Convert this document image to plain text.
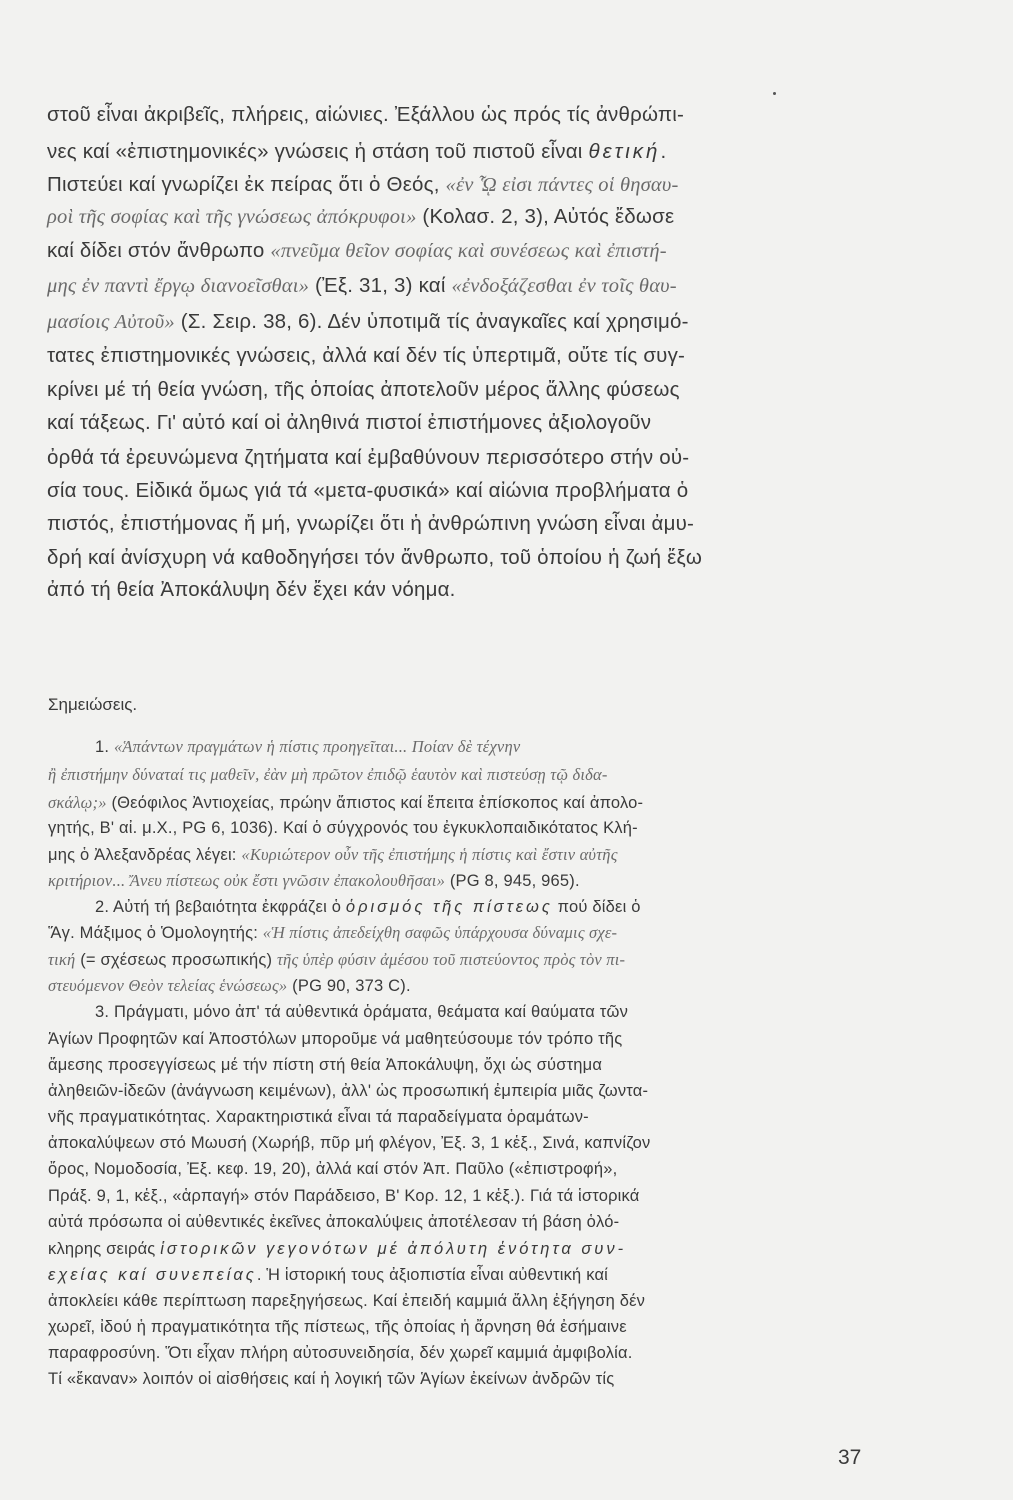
στοῦ εἶναι ἀκριβεῖς, πλήρεις, αἰώνιες. Ἐξάλλου ὡς πρός τίς ἀνθρώπι-
νες καί «ἐπιστημονικές» γνώσεις ἡ στάση τοῦ πιστοῦ εἶναι θετική.
Πιστεύει καί γνωρίζει ἐκ πείρας ὅτι ὁ Θεός, «ἐν ᾯ εἰσι πάντες οἱ θησαυ-
ροὶ τῆς σοφίας καὶ τῆς γνώσεως ἀπόκρυφοι» (Κολασ. 2, 3), Αὐτός ἔδωσε
καί δίδει στόν ἄνθρωπο «πνεῦμα θεῖον σοφίας καὶ συνέσεως καὶ ἐπιστή-
μης ἐν παντὶ ἔργῳ διανοεῖσθαι» (Ἐξ. 31, 3) καί «ἐνδοξάζεσθαι ἐν τοῖς θαυ-
μασίοις Αὐτοῦ» (Σ. Σειρ. 38, 6). Δέν ὑποτιμᾶ τίς ἀναγκαῖες καί χρησιμό-
τατες ἐπιστημονικές γνώσεις, ἀλλά καί δέν τίς ὑπερτιμᾶ, οὔτε τίς συγ-
κρίνει μέ τή θεία γνώση, τῆς ὁποίας ἀποτελοῦν μέρος ἄλλης φύσεως
καί τάξεως. Γι' αὐτό καί οἱ ἀληθινά πιστοί ἐπιστήμονες ἀξιολογοῦν
ὀρθά τά ἐρευνώμενα ζητήματα καί ἐμβαθύνουν περισσότερο στήν οὐ-
σία τους. Εἰδικά ὅμως γιά τά «μετα-φυσικά» καί αἰώνια προβλήματα ὁ
πιστός, ἐπιστήμονας ἤ μή, γνωρίζει ὅτι ἡ ἀνθρώπινη γνώση εἶναι ἀμυ-
δρή καί ἀνίσχυρη νά καθοδηγήσει τόν ἄνθρωπο, τοῦ ὁποίου ἡ ζωή ἔξω
ἀπό τή θεία Ἀποκάλυψη δέν ἔχει κάν νόημα.
Σημειώσεις.
1. «Ἁπάντων πραγμάτων ἡ πίστις προηγεῖται... Ποίαν δὲ τέχνην
ἢ ἐπιστήμην δύναταί τις μαθεῖν, ἐὰν μὴ πρῶτον ἐπιδῷ ἑαυτὸν καὶ πιστεύσῃ τῷ διδα-
σκάλῳ;» (Θεόφιλος Ἀντιοχείας, πρώην ἄπιστος καί ἔπειτα ἐπίσκοπος καί ἀπολο-
γητής, Β' αἰ. μ.Χ., PG 6, 1036). Καί ὁ σύγχρονός του ἐγκυκλοπαιδικότατος Κλή-
μης ὁ Ἀλεξανδρέας λέγει: «Κυριώτερον οὖν τῆς ἐπιστήμης ἡ πίστις καὶ ἔστιν αὐτῆς
κριτήριον... Ἄνευ πίστεως οὐκ ἔστι γνῶσιν ἐπακολουθῆσαι» (PG 8, 945, 965).
2. Αὐτή τή βεβαιότητα ἐκφράζει ὁ ὁρισμός τῆς πίστεως πού δίδει ὁ
Ἅγ. Μάξιμος ὁ Ὁμολογητής: «Ἡ πίστις ἀπεδείχθη σαφῶς ὑπάρχουσα δύναμις σχε-
τική (= σχέσεως προσωπικής) τῆς ὑπὲρ φύσιν ἀμέσου τοῦ πιστεύοντος πρὸς τὸν πι-
στευόμενον Θεὸν τελείας ἑνώσεως» (PG 90, 373 C).
3. Πράγματι, μόνο ἀπ' τά αὐθεντικά ὁράματα, θεάματα καί θαύματα τῶν
Ἁγίων Προφητῶν καί Ἀποστόλων μποροῦμε νά μαθητεύσουμε τόν τρόπο τῆς
ἄμεσης προσεγγίσεως μέ τήν πίστη στή θεία Ἀποκάλυψη, ὄχι ὡς σύστημα
ἀληθειῶν-ἰδεῶν (ἀνάγνωση κειμένων), ἀλλ' ὡς προσωπική ἐμπειρία μιᾶς ζωντα-
νῆς πραγματικότητας. Χαρακτηριστικά εἶναι τά παραδείγματα ὁραμάτων-
ἀποκαλύψεων στό Μωυσή (Χωρήβ, πῦρ μή φλέγον, Ἐξ. 3, 1 κἑξ., Σινά, καπνίζον
ὄρος, Νομοδοσία, Ἐξ. κεφ. 19, 20), ἀλλά καί στόν Ἀπ. Παῦλο («ἐπιστροφή»,
Πράξ. 9, 1, κἑξ., «ἁρπαγή» στόν Παράδεισο, Β' Κορ. 12, 1 κἑξ.). Γιά τά ἱστορικά
αὐτά πρόσωπα οἱ αὐθεντικές ἐκεῖνες ἀποκαλύψεις ἀποτέλεσαν τή βάση ὁλό-
κληρης σειράς ἱστορικῶν γεγονότων μέ ἀπόλυτη ἑνότητα συν-
εχείας καί συνεπείας. Ἡ ἱστορική τους ἀξιοπιστία εἶναι αὐθεντική καί
ἀποκλείει κάθε περίπτωση παρεξηγήσεως. Καί ἐπειδή καμμιά ἄλλη ἐξήγηση δέν
χωρεῖ, ἰδού ἡ πραγματικότητα τῆς πίστεως, τῆς ὁποίας ἡ ἄρνηση θά ἐσήμαινε
παραφροσύνη. Ὅτι εἶχαν πλήρη αὐτοσυνειδησία, δέν χωρεῖ καμμιά ἀμφιβολία.
Τί «ἔκαναν» λοιπόν οἱ αἰσθήσεις καί ἡ λογική τῶν Ἁγίων ἐκείνων ἀνδρῶν τίς
37
